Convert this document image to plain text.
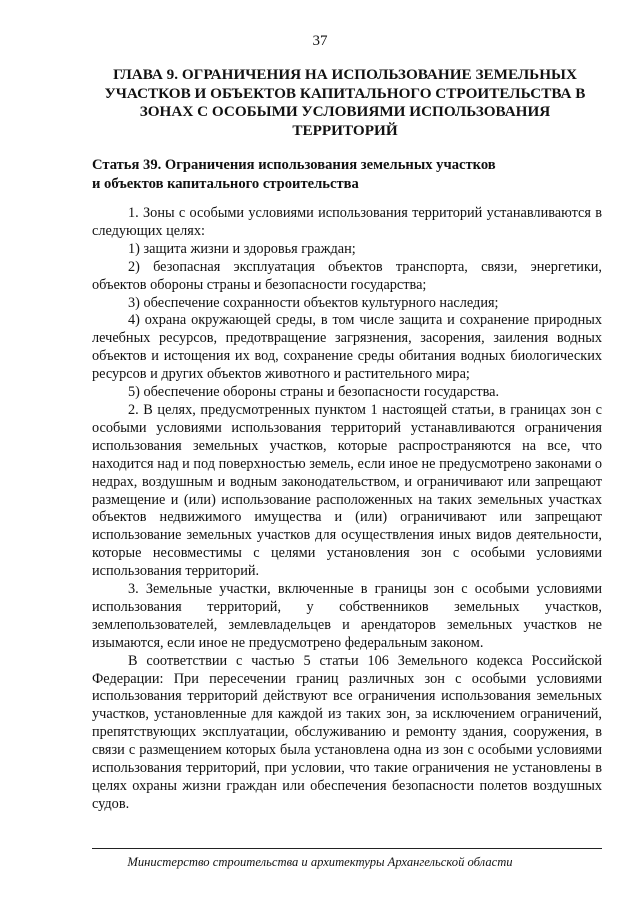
37
ГЛАВА 9. ОГРАНИЧЕНИЯ НА ИСПОЛЬЗОВАНИЕ ЗЕМЕЛЬНЫХ
УЧАСТКОВ И ОБЪЕКТОВ КАПИТАЛЬНОГО СТРОИТЕЛЬСТВА В
ЗОНАХ С ОСОБЫМИ УСЛОВИЯМИ ИСПОЛЬЗОВАНИЯ
ТЕРРИТОРИЙ
Статья 39. Ограничения использования земельных участков
и объектов капитального строительства

1. Зоны с особыми условиями использования территорий устанавливаются в следующих целях:

1) защита жизни и здоровья граждан;

2) безопасная эксплуатация объектов транспорта, связи, энергетики, объектов обороны страны и безопасности государства;

3) обеспечение сохранности объектов культурного наследия;

4) охрана окружающей среды, в том числе защита и сохранение природных лечебных ресурсов, предотвращение загрязнения, засорения, заиления водных объектов и истощения их вод, сохранение среды обитания водных биологических ресурсов и других объектов животного и растительного мира;

5) обеспечение обороны страны и безопасности государства.

2. В целях, предусмотренных пунктом 1 настоящей статьи, в границах зон с особыми условиями использования территорий устанавливаются ограничения использования земельных участков, которые распространяются на все, что находится над и под поверхностью земель, если иное не предусмотрено законами о недрах, воздушным и водным законодательством, и ограничивают или запрещают размещение и (или) использование расположенных на таких земельных участках объектов недвижимого имущества и (или) ограничивают или запрещают использование земельных участков для осуществления иных видов деятельности, которые несовместимы с целями установления зон с особыми условиями использования территорий.

3. Земельные участки, включенные в границы зон с особыми условиями использования территорий, у собственников земельных участков, землепользователей, землевладельцев и арендаторов земельных участков не изымаются, если иное не предусмотрено федеральным законом.

В соответствии с частью 5 статьи 106 Земельного кодекса Российской Федерации: При пересечении границ различных зон с особыми условиями использования территорий действуют все ограничения использования земельных участков, установленные для каждой из таких зон, за исключением ограничений, препятствующих эксплуатации, обслуживанию и ремонту здания, сооружения, в связи с размещением которых была установлена одна из зон с особыми условиями использования территорий, при условии, что такие ограничения не установлены в целях охраны жизни граждан или обеспечения безопасности полетов воздушных судов.

Министерство строительства и архитектуры Архангельской области
